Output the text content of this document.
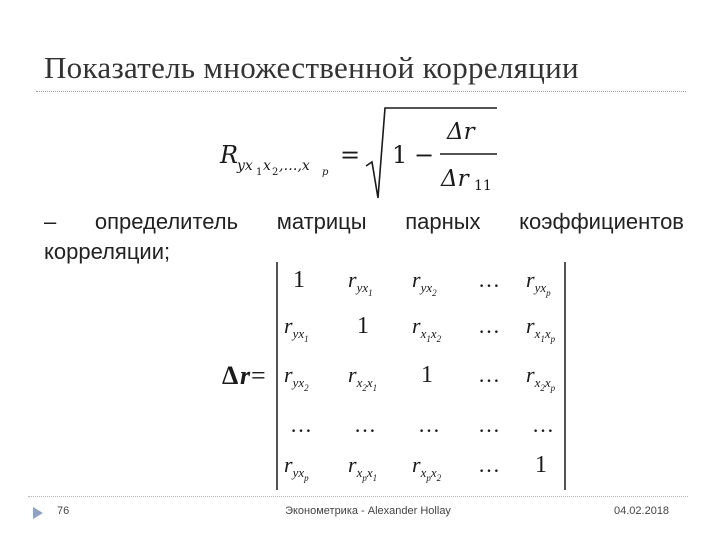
Показатель множественной корреляции
R
yx 1 x 2 ,…,x p
= 1 −
Δr
Δr 11
– определитель матрицы парных коэффициентов
корреляции;
Δ r =
1 $r_{yx}1$
$r_{yx}2$
… $r_{yx}p$
$r_{yx}1$ 1 $r_x1x2$
… $r_x1xp$
$r_{yx}2$
$r_x2x1$ 1 … $r_x2xp$
… … … … …
$r_{yx}p$
$r_xpx1$
$r_xpx2$
… 1
76	Эконометрика - Alexander Hollay	04.02.2018
